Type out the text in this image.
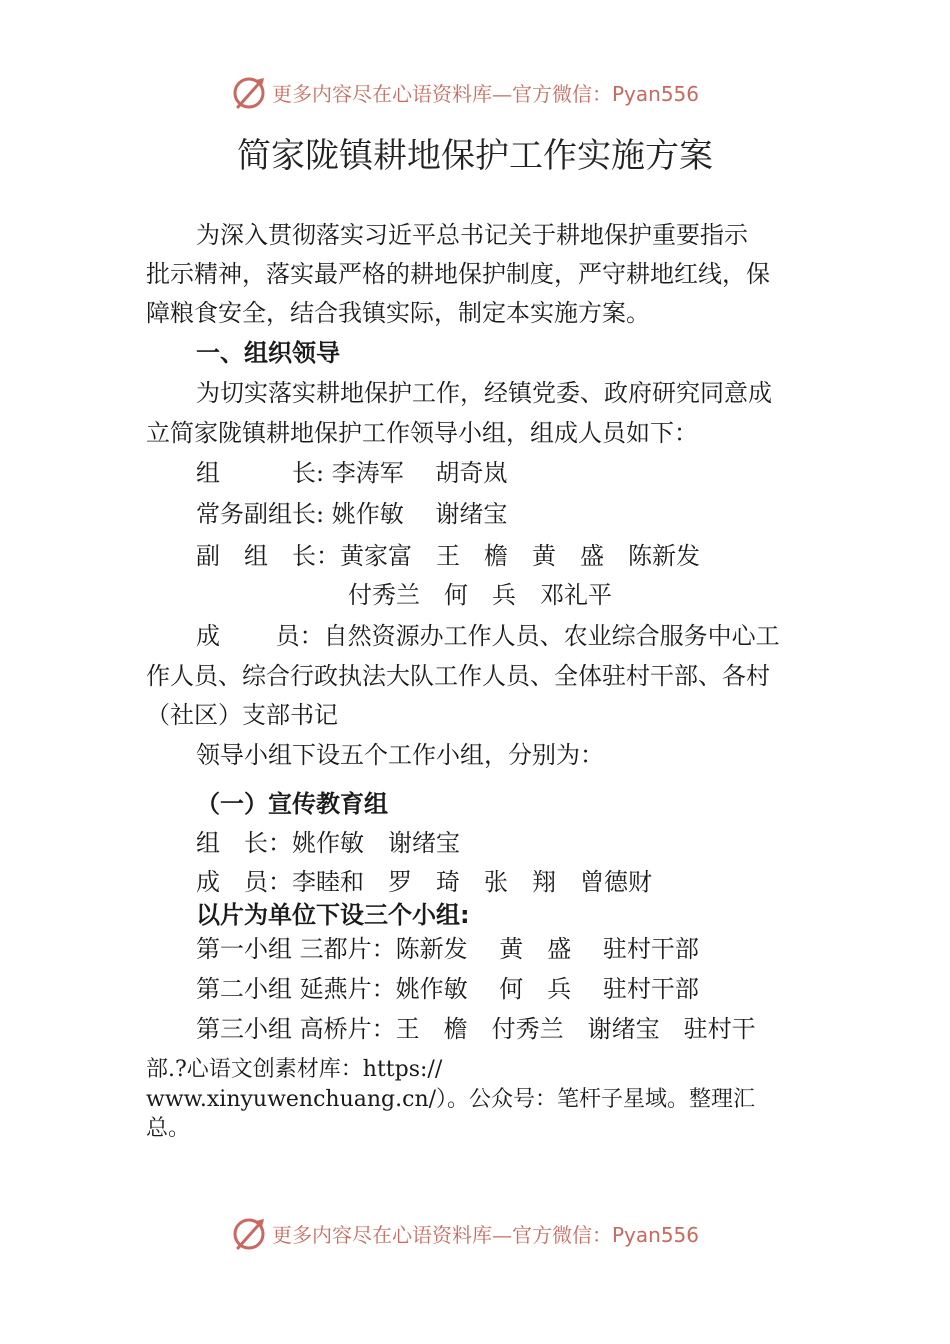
更多内容尽在心语资料库—官方微信：Pyan556
简家陇镇耕地保护工作实施方案
为深入贯彻落实习近平总书记关于耕地保护重要指示
批示精神，落实最严格的耕地保护制度，严守耕地红线，保
障粮食安全，结合我镇实际，制定本实施方案。
一、组织领导
为切实落实耕地保护工作，经镇党委、政府研究同意成
立简家陇镇耕地保护工作领导小组，组成人员如下：
组　　　长: 李涛军　 胡奇岚
常务副组长: 姚作敏　 谢绪宝
副　组　长：黄家富　王　檐　黄　盛　陈新发
付秀兰　何　兵　邓礼平
成　　 员：自然资源办工作人员、农业综合服务中心工
作人员、综合行政执法大队工作人员、全体驻村干部、各村
（社区）支部书记
领导小组下设五个工作小组，分别为：
（一）宣传教育组
组　长：姚作敏　谢绪宝
成　员：李睦和　罗　琦　张　翔　曾德财
以片为单位下设三个小组:
第一小组 三都片：陈新发　 黄　盛　 驻村干部
第二小组 延燕片：姚作敏　 何　兵　 驻村干部
第三小组 高桥片：王　檐　付秀兰　谢绪宝　驻村干
部.?心语文创素材库：https://
www.xinyuwenchuang.cn/）。公众号：笔杆子星域。整理汇
总。
更多内容尽在心语资料库—官方微信：Pyan556
